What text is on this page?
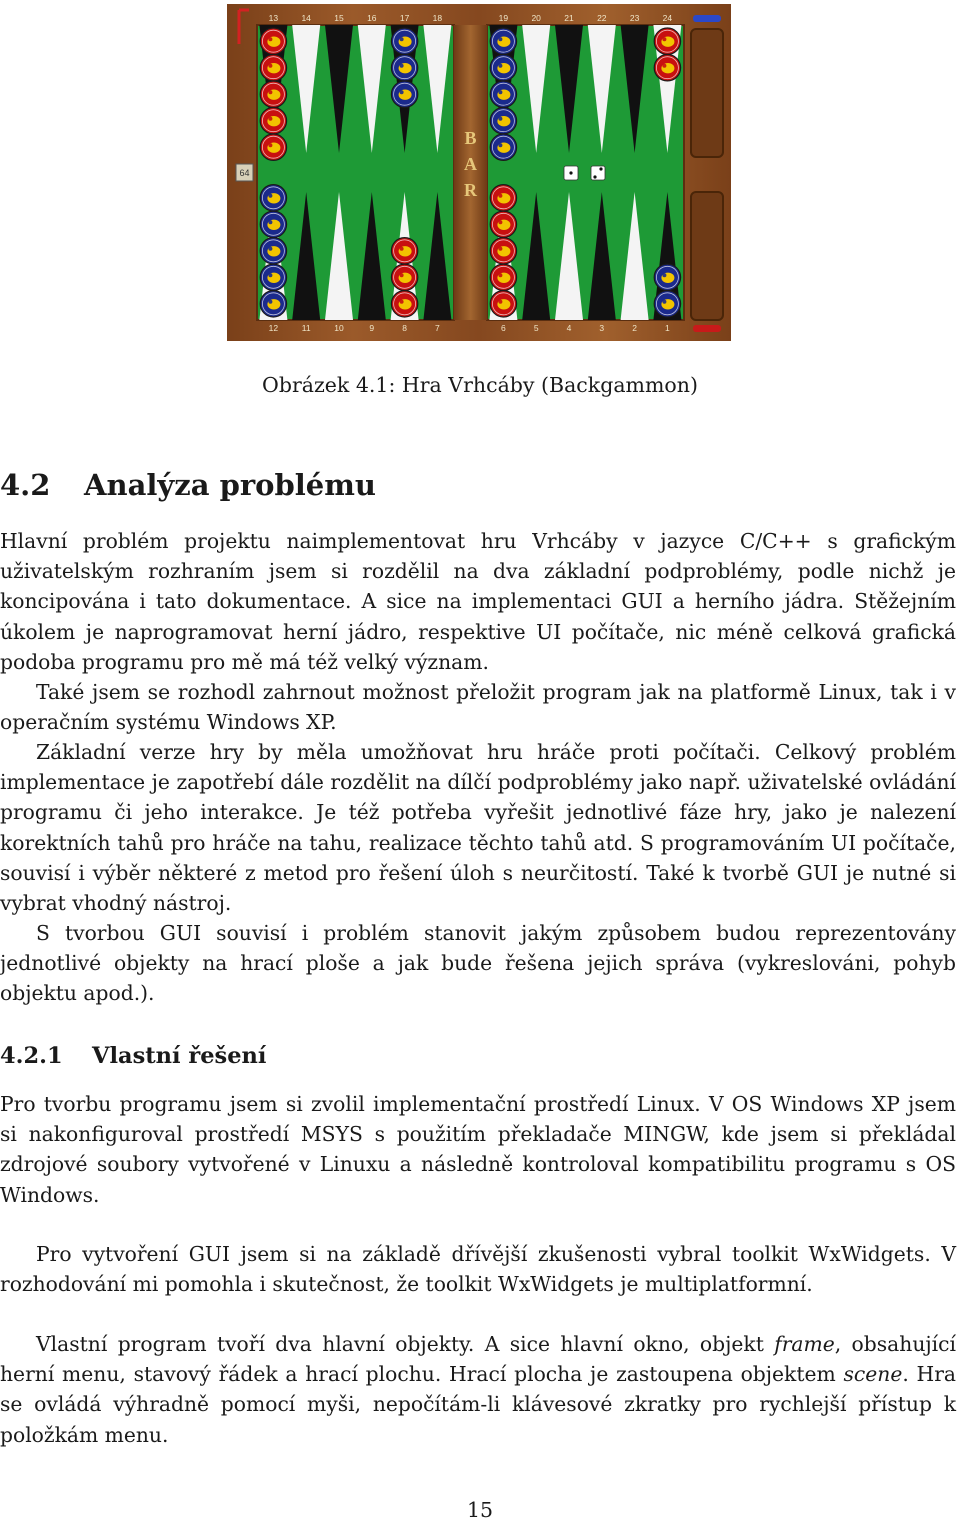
13	14	15	16	17	18	19	20	21	22	23	24
12	11	10	9	8	7	6	5	4	3	2	1
64
B A R
Obrázek 4.1: Hra Vrhcáby (Backgammon)
4.2 Analýza problému

Hlavní problém projektu naimplementovat hru Vrhcáby v jazyce C/C++ s grafickým uživatelským rozhraním jsem si rozdělil na dva základní podproblémy, podle nichž je koncipována i tato dokumentace. A sice na implementaci GUI a herního jádra. Stěžejním úkolem je naprogramovat herní jádro, respektive UI počítače, nic méně celková grafická podoba programu pro mě má též velký význam.

Také jsem se rozhodl zahrnout možnost přeložit program jak na platformě Linux, tak i v operačním systému Windows XP.

Základní verze hry by měla umožňovat hru hráče proti počítači. Celkový problém implementace je zapotřebí dále rozdělit na dílčí podproblémy jako např. uživatelské ovládání programu či jeho interakce. Je též potřeba vyřešit jednotlivé fáze hry, jako je nalezení korektních tahů pro hráče na tahu, realizace těchto tahů atd. S programováním UI počítače, souvisí i výběr některé z metod pro řešení úloh s neurčitostí. Také k tvorbě GUI je nutné si vybrat vhodný nástroj.

S tvorbou GUI souvisí i problém stanovit jakým způsobem budou reprezentovány jednotlivé objekty na hrací ploše a jak bude řešena jejich správa (vykreslováni, pohyb objektu apod.).

4.2.1 Vlastní řešení

Pro tvorbu programu jsem si zvolil implementační prostředí Linux. V OS Windows XP jsem si nakonfiguroval prostředí MSYS s použitím překladače MINGW, kde jsem si překládal zdrojové soubory vytvořené v Linuxu a následně kontroloval kompatibilitu programu s OS Windows.

Pro vytvoření GUI jsem si na základě dřívější zkušenosti vybral toolkit WxWidgets. V rozhodování mi pomohla i skutečnost, že toolkit WxWidgets je multiplatformní.

Vlastní program tvoří dva hlavní objekty. A sice hlavní okno, objekt frame, obsahující herní menu, stavový řádek a hrací plochu. Hrací plocha je zastoupena objektem scene. Hra se ovládá výhradně pomocí myši, nepočítám-li klávesové zkratky pro rychlejší přístup k položkám menu.

15
